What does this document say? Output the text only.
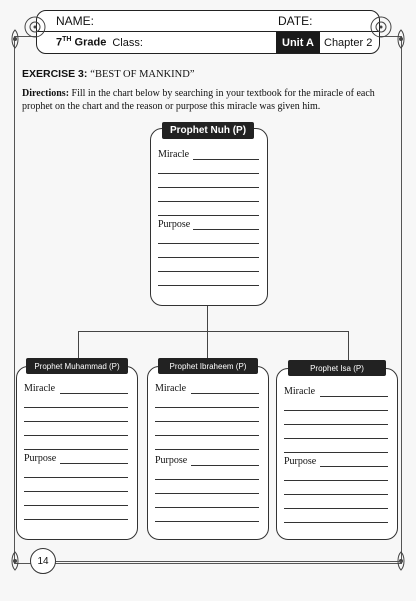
NAME:	DATE:
7TH Grade Class:	Unit A Chapter 2
EXERCISE 3: “BEST OF MANKIND”
Directions: Fill in the chart below by searching in your textbook for the miracle of each prophet on the chart and the reason or purpose this miracle was given him.
Prophet Nuh (P)
Miracle
Purpose
Prophet Muhammad (P)
Miracle
Purpose
Prophet Ibraheem (P)
Miracle
Purpose
Prophet Isa (P)
Miracle
Purpose
14
